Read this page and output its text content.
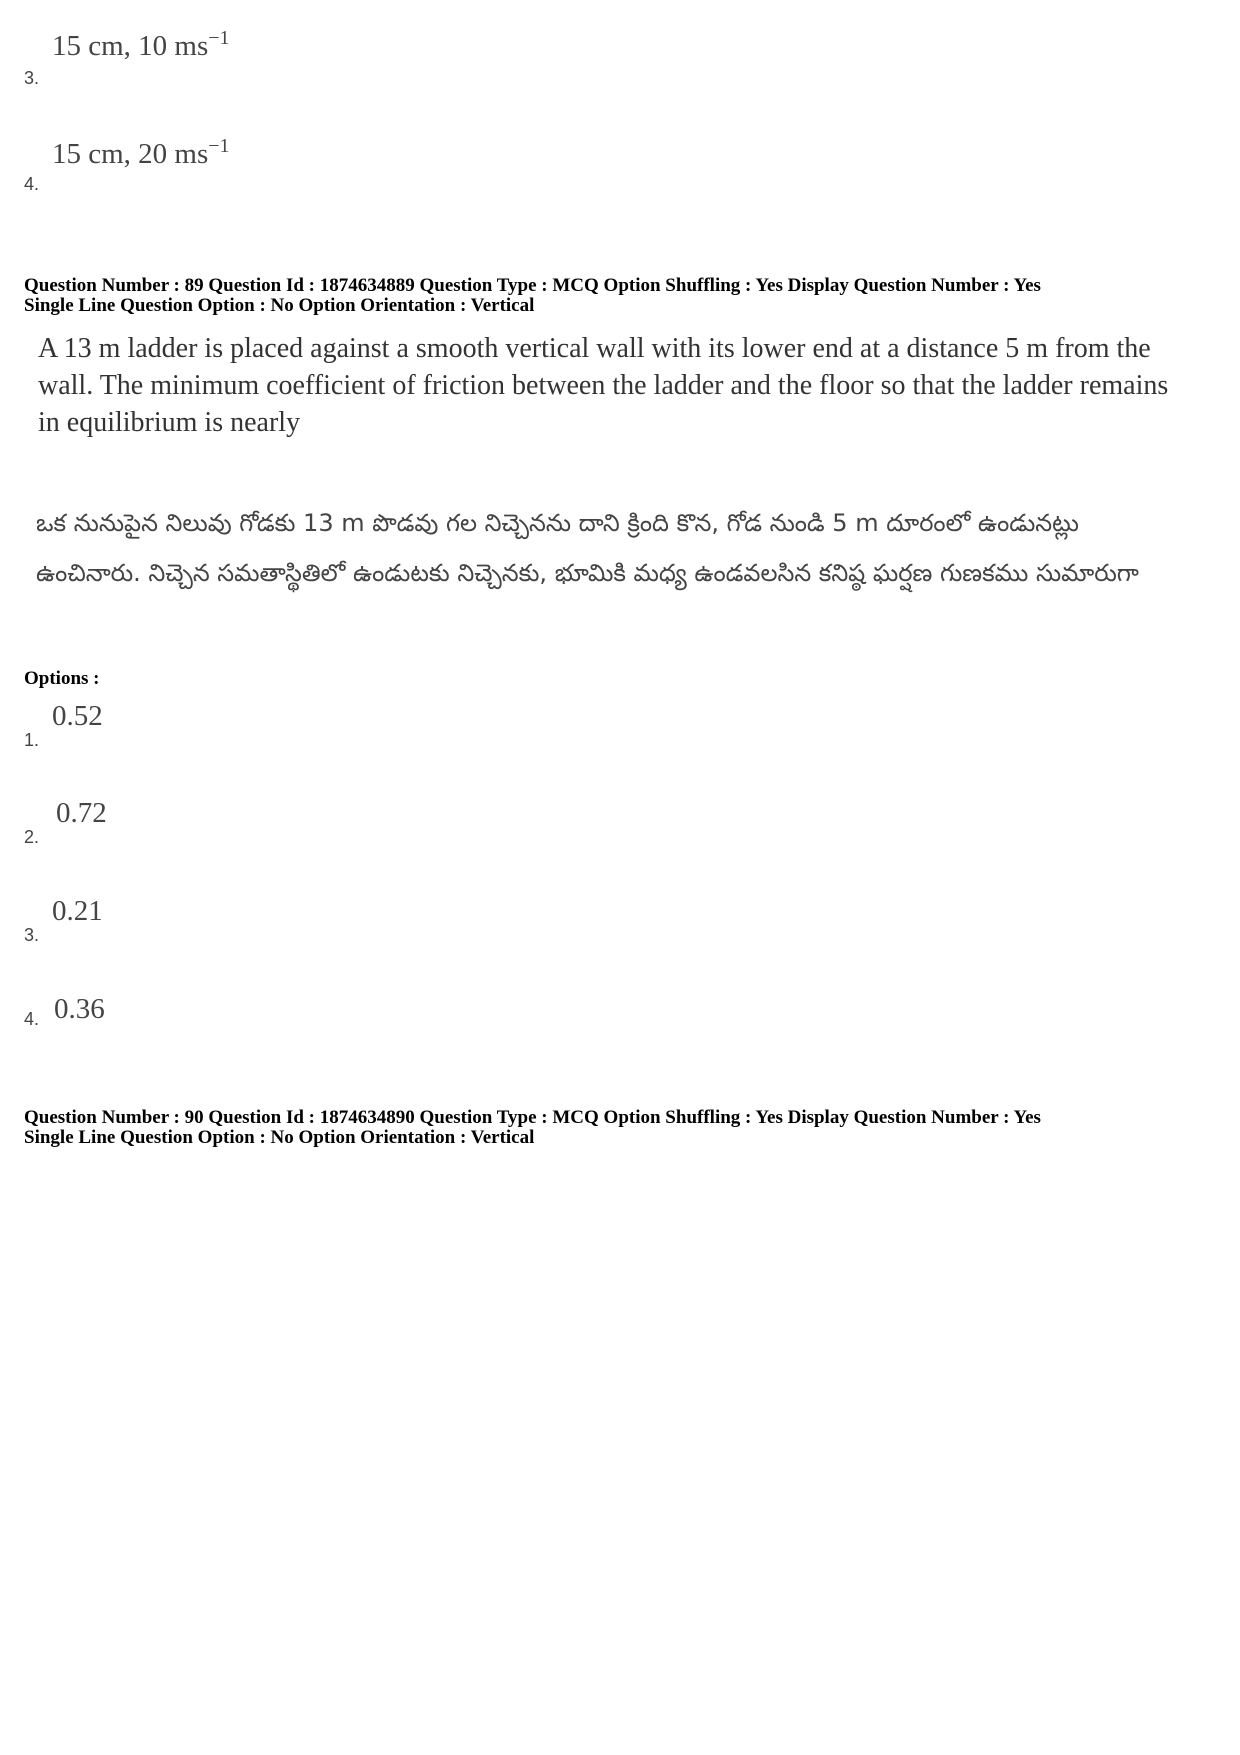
15 cm, 10 $ms^{-1}$
3.
15 cm, 20 $ms^{-1}$
4.
Question Number : 89 Question Id : 1874634889 Question Type : MCQ Option Shuffling : Yes Display Question Number : Yes
Single Line Question Option : No Option Orientation : Vertical
A 13 m ladder is placed against a smooth vertical wall with its lower end at a distance 5 m from the wall. The minimum coefficient of friction between the ladder and the floor so that the ladder remains in equilibrium is nearly
ఒక నునుపైన నిలువు గోడకు 13 m పొడవు గల నిచ్చెనను దాని క్రింది కొన, గోడ నుండి 5 m దూరంలో ఉండునట్లు ఉంచినారు. నిచ్చెన సమతాస్థితిలో ఉండుటకు నిచ్చెనకు, భూమికి మధ్య ఉండవలసిన కనిష్ఠ ఘర్షణ గుణకము సుమారుగా
Options :
0.52
1.
0.72
2.
0.21
3.
0.36
4.
Question Number : 90 Question Id : 1874634890 Question Type : MCQ Option Shuffling : Yes Display Question Number : Yes
Single Line Question Option : No Option Orientation : Vertical
